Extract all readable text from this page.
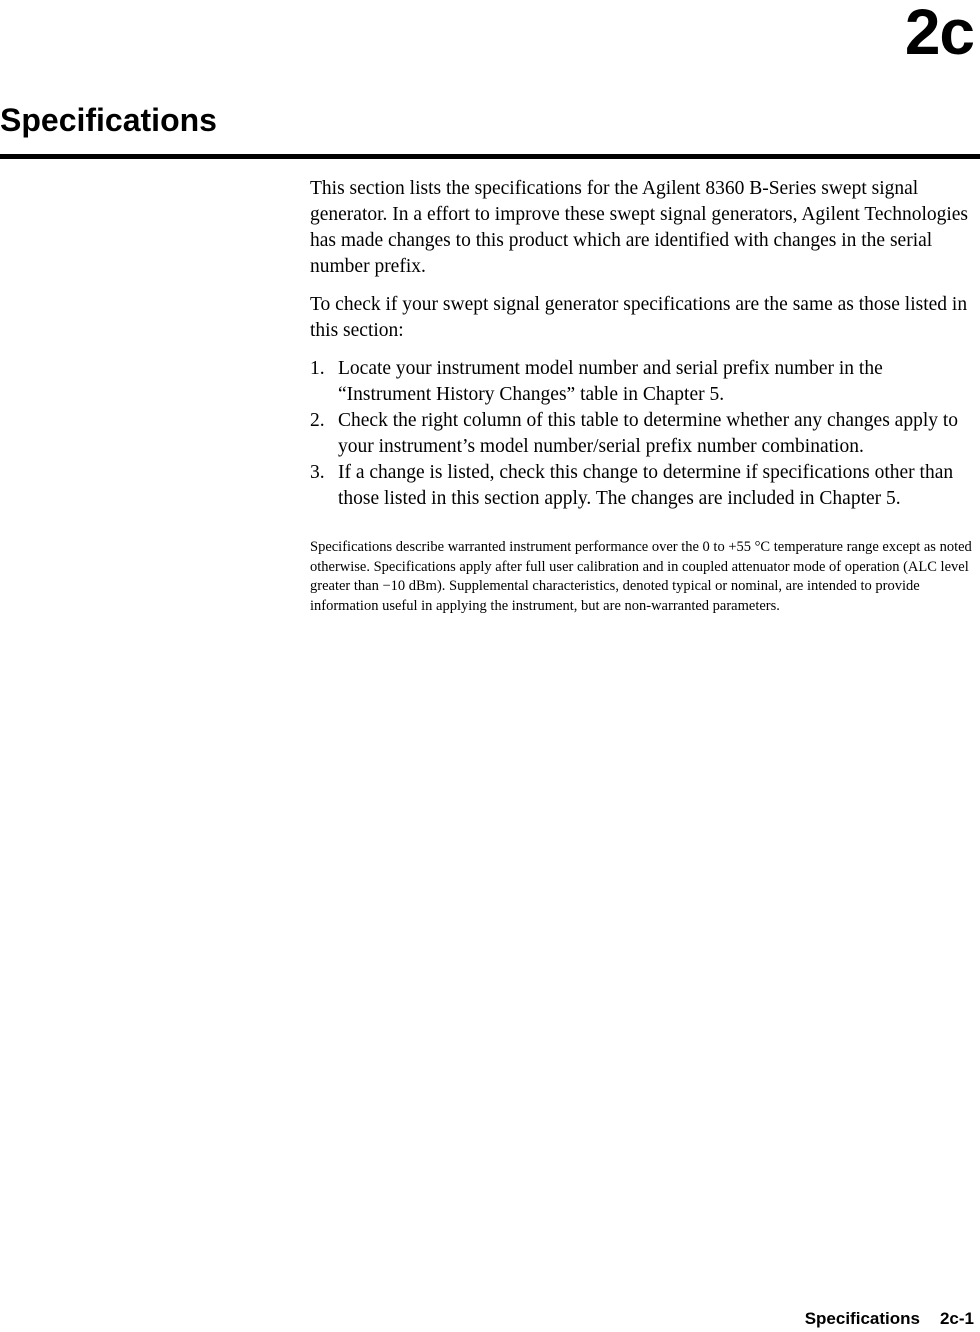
2c
Specifications

This section lists the specifications for the Agilent 8360 B-Series swept signal generator. In a effort to improve these swept signal generators, Agilent Technologies has made changes to this product which are identified with changes in the serial number prefix.

To check if your swept signal generator specifications are the same as those listed in this section:

1. Locate your instrument model number and serial prefix number in the “Instrument History Changes” table in Chapter 5.
2. Check the right column of this table to determine whether any changes apply to your instrument’s model number/serial prefix number combination.
3. If a change is listed, check this change to determine if specifications other than those listed in this section apply. The changes are included in Chapter 5.

Specifications describe warranted instrument performance over the 0 to +55 °C temperature range except as noted otherwise. Specifications apply after full user calibration and in coupled attenuator mode of operation (ALC level greater than −10 dBm). Supplemental characteristics, denoted typical or nominal, are intended to provide information useful in applying the instrument, but are non-warranted parameters.

Specifications 2c-1
